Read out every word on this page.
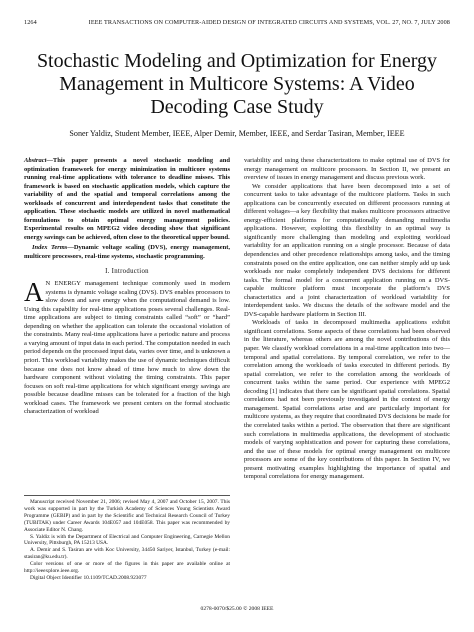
1264	IEEE TRANSACTIONS ON COMPUTER-AIDED DESIGN OF INTEGRATED CIRCUITS AND SYSTEMS, VOL. 27, NO. 7, JULY 2008
Stochastic Modeling and Optimization for Energy Management in Multicore Systems: A Video Decoding Case Study
Soner Yaldiz, Student Member, IEEE, Alper Demir, Member, IEEE, and Serdar Tasiran, Member, IEEE

Abstract—This paper presents a novel stochastic modeling and optimization framework for energy minimization in multicore systems running real-time applications with tolerance to deadline misses. This framework is based on stochastic application models, which capture the variability of and the spatial and temporal correlations among the workloads of concurrent and interdependent tasks that constitute the application. These stochastic models are utilized in novel mathematical formulations to obtain optimal energy management policies. Experimental results on MPEG2 video decoding show that significant energy savings can be achieved, often close to the theoretical upper bound.

Index Terms—Dynamic voltage scaling (DVS), energy management, multicore processors, real-time systems, stochastic programming.

I. Introduction

A N ENERGY management technique commonly used in modern systems is dynamic voltage scaling (DVS). DVS enables processors to slow down and save energy when the computational demand is low. Using this capability for real-time applications poses several challenges. Real-time applications are subject to timing constraints called “soft” or “hard” depending on whether the application can tolerate the occasional violation of the constraints. Many real-time applications have a periodic nature and process a varying amount of input data in each period. The computation needed in each period depends on the processed input data, varies over time, and is unknown a priori. This workload variability makes the use of dynamic techniques difficult because one does not know ahead of time how much to slow down the hardware component without violating the timing constraints. This paper focuses on soft real-time applications for which significant energy savings are possible because deadline misses can be tolerated for a fraction of the high workload cases. The framework we present centers on the formal stochastic characterization of workload

Manuscript received November 21, 2006; revised May 4, 2007 and October 15, 2007. This work was supported in part by the Turkish Academy of Sciences Young Scientists Award Programme (GEBIP) and in part by the Scientific and Technical Research Council of Turkey (TUBITAK) under Career Awards 104E057 and 104E058. This paper was recommended by Associate Editor N. Chang.

S. Yaldiz is with the Department of Electrical and Computer Engineering, Carnegie Mellon University, Pittsburgh, PA 15213 USA.

A. Demir and S. Tasiran are with Koc University, 34450 Sariyer, Istanbul, Turkey (e-mail: stasiran@ku.edu.tr).

Color versions of one or more of the figures in this paper are available online at http://ieeexplore.ieee.org.

Digital Object Identifier 10.1109/TCAD.2008.923077

variability and using these characterizations to make optimal use of DVS for energy management on multicore processors. In Section II, we present an overview of issues in energy management and discuss previous work.

We consider applications that have been decomposed into a set of concurrent tasks to take advantage of the multicore platform. Tasks in such applications can be concurrently executed on different processors running at different voltages—a key flexibility that makes multicore processors attractive energy-efficient platforms for computationally demanding multimedia applications. However, exploiting this flexibility in an optimal way is significantly more challenging than modeling and exploiting workload variability for an application running on a single processor. Because of data dependencies and other precedence relationships among tasks, and the timing constraints posed on the entire application, one can neither simply add up task workloads nor make completely independent DVS decisions for different tasks. The formal model for a concurrent application running on a DVS-capable multicore platform must incorporate the platform’s DVS characteristics and a joint characterization of workload variability for interdependent tasks. We discuss the details of the software model and the DVS-capable hardware platform in Section III.

Workloads of tasks in decomposed multimedia applications exhibit significant correlations. Some aspects of these correlations had been observed in the literature, whereas others are among the novel contributions of this paper. We classify workload correlations in a real-time application into two—temporal and spatial correlations. By temporal correlation, we refer to the correlation among the workloads of tasks executed in different periods. By spatial correlation, we refer to the correlation among the workloads of concurrent tasks within the same period. Our experience with MPEG2 decoding [1] indicates that there can be significant spatial correlations. Spatial correlations had not been previously investigated in the context of energy management. Spatial correlations arise and are particularly important for multicore systems, as they require that coordinated DVS decisions be made for the correlated tasks within a period. The observation that there are significant such correlations in multimedia applications, the development of stochastic models of varying sophistication and power for capturing these correlations, and the use of these models for optimal energy management on multicore processors are some of the key contributions of this paper. In Section IV, we present motivating examples highlighting the importance of spatial and temporal correlations for energy management.

0278-0070/$25.00 © 2008 IEEE
